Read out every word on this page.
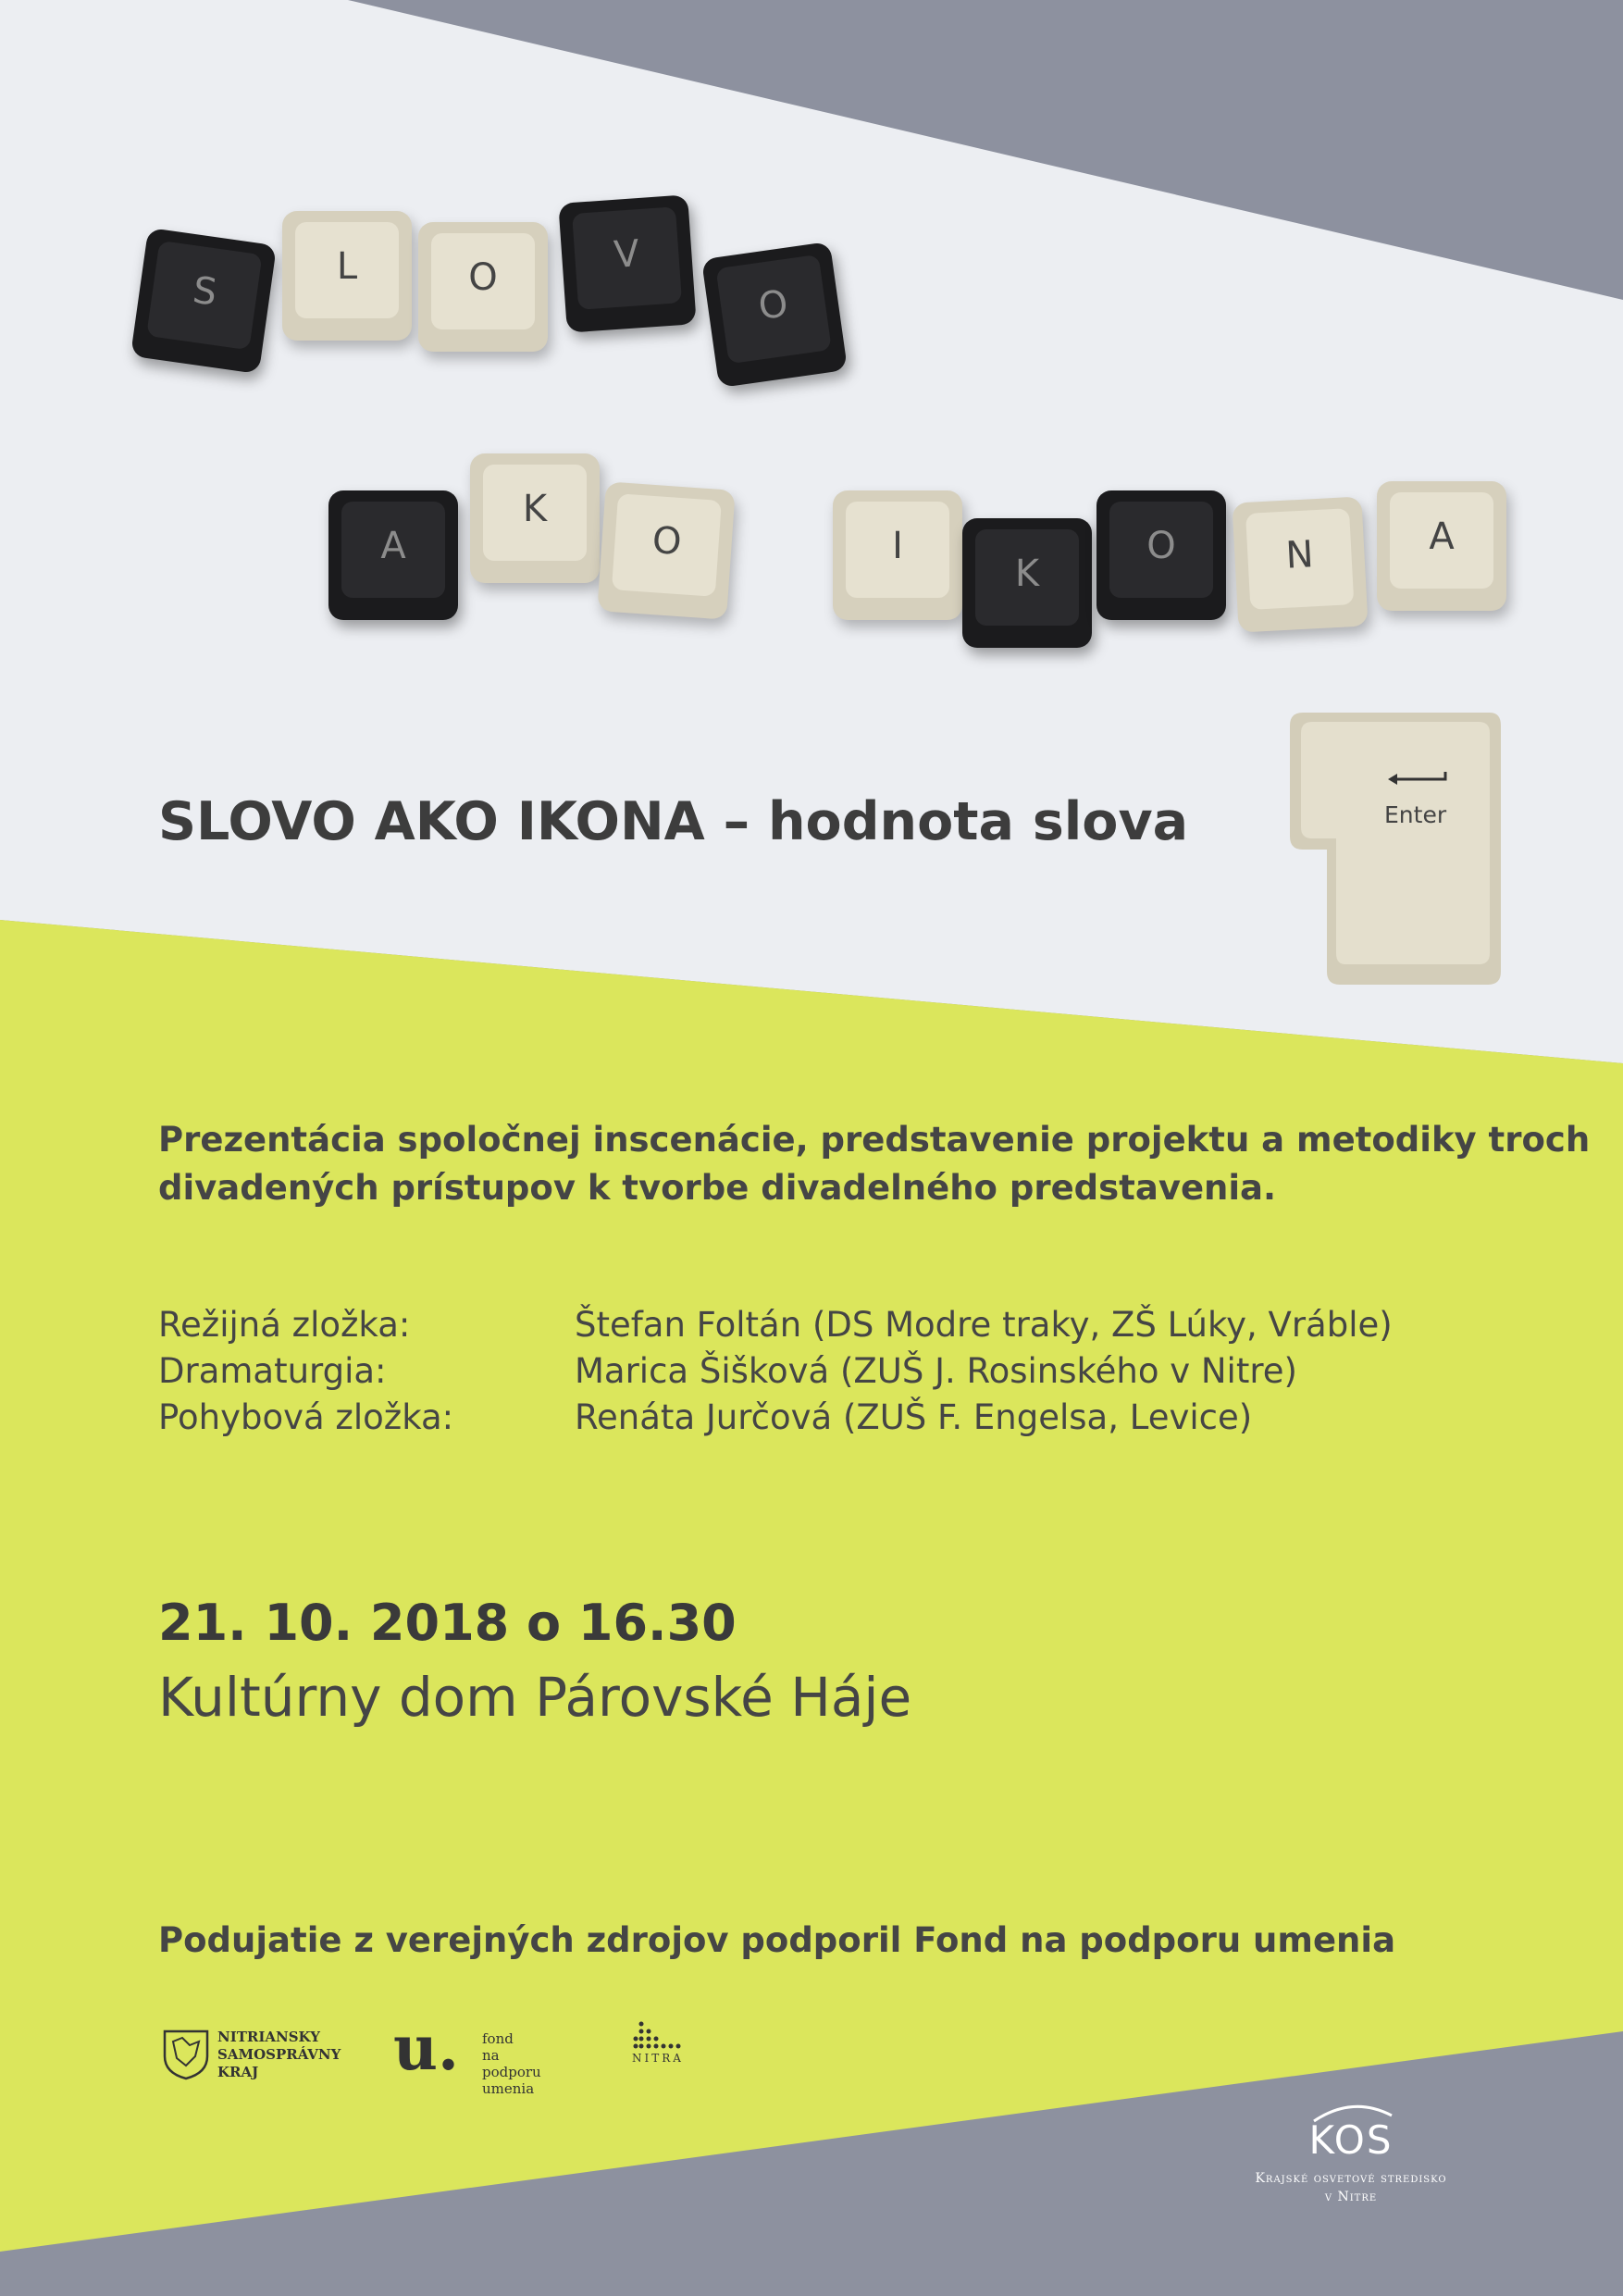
S
L	O
V
O
A
K
O	I
K
O	N	A
Enter
SLOVO AKO IKONA – hodnota slova
Prezentácia spoločnej inscenácie, predstavenie projektu a metodiky troch
divadených prístupov k tvorbe divadelného predstavenia.
Režijná zložka:	Štefan Foltán (DS Modre traky, ZŠ Lúky, Vráble)
Dramaturgia:	Marica Šišková (ZUŠ J. Rosinského v Nitre)
Pohybová zložka:	Renáta Jurčová (ZUŠ F. Engelsa, Levice)
21. 10. 2018 o 16.30
Kultúrny dom Párovské Háje
Podujatie z verejných zdrojov podporil Fond na podporu umenia
NITRIANSKY
SAMOSPRÁVNY
KRAJ	u. fond
na podporu
umenia
NITRA
KOS
Krajské osvetové stredisko
v Nitre
